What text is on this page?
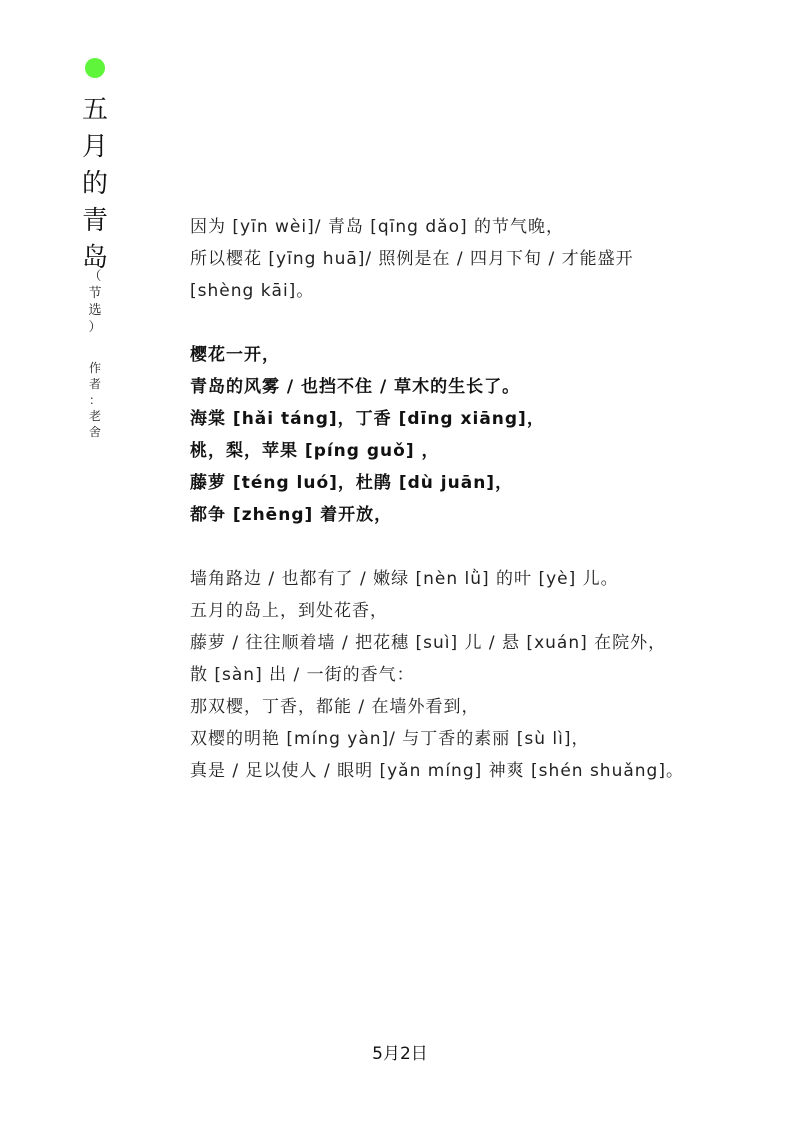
五
月
的
青
岛
（
节
选
）
作
者
：
老
舍
因为 [yīn wèi]/ 青岛 [qīng dǎo] 的节气晚，
所以樱花 [yīng huā]/ 照例是在 / 四月下旬 / 才能盛开
[shèng kāi]。
樱花一开，
青岛的风雾 / 也挡不住 / 草木的生长了。
海棠 [hǎi táng]，丁香 [dīng xiāng]，
桃，梨，苹果 [píng guǒ] ，
藤萝 [téng luó]，杜鹃 [dù juān]，
都争 [zhēng] 着开放，
墙角路边 / 也都有了 / 嫩绿 [nèn lǜ] 的叶 [yè] 儿。
五月的岛上，到处花香，
藤萝 / 往往顺着墙 / 把花穗 [suì] 儿 / 悬 [xuán] 在院外，
散 [sàn] 出 / 一街的香气：
那双樱，丁香，都能 / 在墙外看到，
双樱的明艳 [míng yàn]/ 与丁香的素丽 [sù lì]，
真是 / 足以使人 / 眼明 [yǎn míng] 神爽 [shén shuǎng]。
5月2日
